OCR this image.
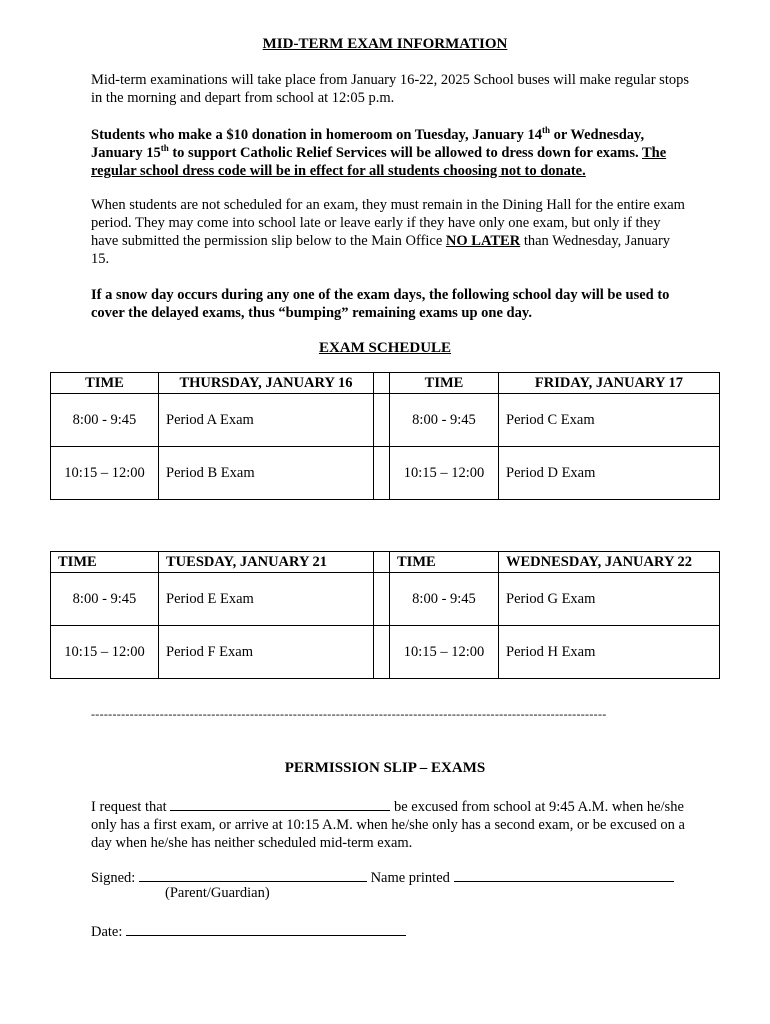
MID-TERM EXAM INFORMATION
Mid-term examinations will take place from January 16-22, 2025 School buses will make regular stops in the morning and depart from school at 12:05 p.m.
Students who make a $10 donation in homeroom on Tuesday, January 14th or Wednesday, January 15th to support Catholic Relief Services will be allowed to dress down for exams. The regular school dress code will be in effect for all students choosing not to donate.
When students are not scheduled for an exam, they must remain in the Dining Hall for the entire exam period. They may come into school late or leave early if they have only one exam, but only if they have submitted the permission slip below to the Main Office NO LATER than Wednesday, January 15.
If a snow day occurs during any one of the exam days, the following school day will be used to cover the delayed exams, thus “bumping” remaining exams up one day.
EXAM SCHEDULE
TIME	THURSDAY, JANUARY 16		TIME	FRIDAY, JANUARY 17
8:00 - 9:45	Period A Exam		8:00 - 9:45	Period C Exam
10:15 – 12:00	Period B Exam		10:15 – 12:00	Period D Exam
TIME	TUESDAY, JANUARY 21		TIME	WEDNESDAY, JANUARY 22
8:00 - 9:45	Period E Exam		8:00 - 9:45	Period G Exam
10:15 – 12:00	Period F Exam		10:15 – 12:00	Period H Exam
------------------------------------------------------------------------------------------------------------------------
PERMISSION SLIP – EXAMS
I request that	be excused from school at 9:45 A.M. when he/she only has a first exam, or arrive at 10:15 A.M. when he/she only has a second exam, or be excused on a day when he/she has neither scheduled mid-term exam.
Signed:	Name printed
(Parent/Guardian)
Date:
